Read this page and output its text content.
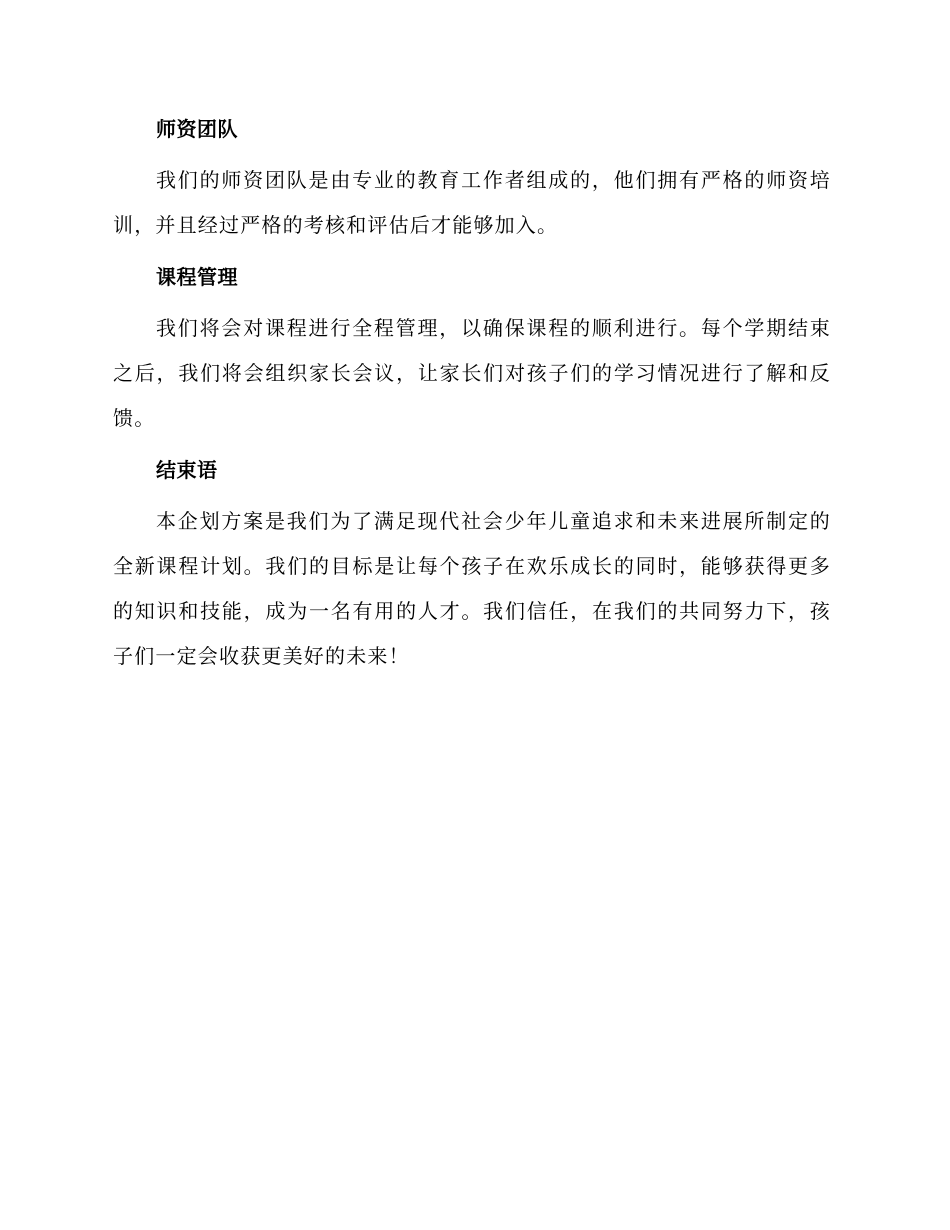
师资团队

我们的师资团队是由专业的教育工作者组成的，他们拥有严格的师资培训，并且经过严格的考核和评估后才能够加入。

课程管理

我们将会对课程进行全程管理，以确保课程的顺利进行。每个学期结束之后，我们将会组织家长会议，让家长们对孩子们的学习情况进行了解和反馈。

结束语

本企划方案是我们为了满足现代社会少年儿童追求和未来进展所制定的全新课程计划。我们的目标是让每个孩子在欢乐成长的同时，能够获得更多的知识和技能，成为一名有用的人才。我们信任，在我们的共同努力下，孩子们一定会收获更美好的未来！
